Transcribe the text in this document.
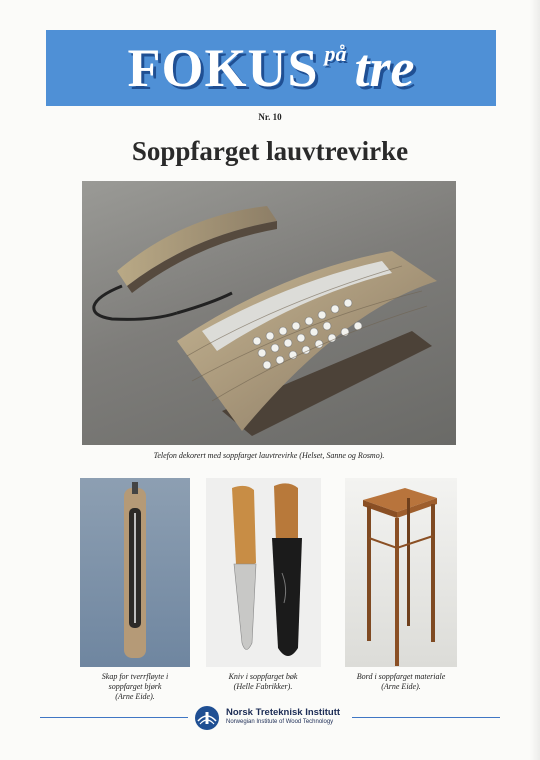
FOKUS på tre
Nr. 10
Soppfarget lauvtrevirke
Telefon dekorert med soppfarget lauvtrevirke (Helset, Sanne og Rosmo).
Skap for tverrfløyte i
soppfarget bjørk
(Arne Eide).
Kniv i soppfarget bøk
(Helle Fabrikker).
Bord i soppfarget materiale
(Arne Eide).
Norsk Treteknisk Institutt
Norwegian Institute of Wood Technology
